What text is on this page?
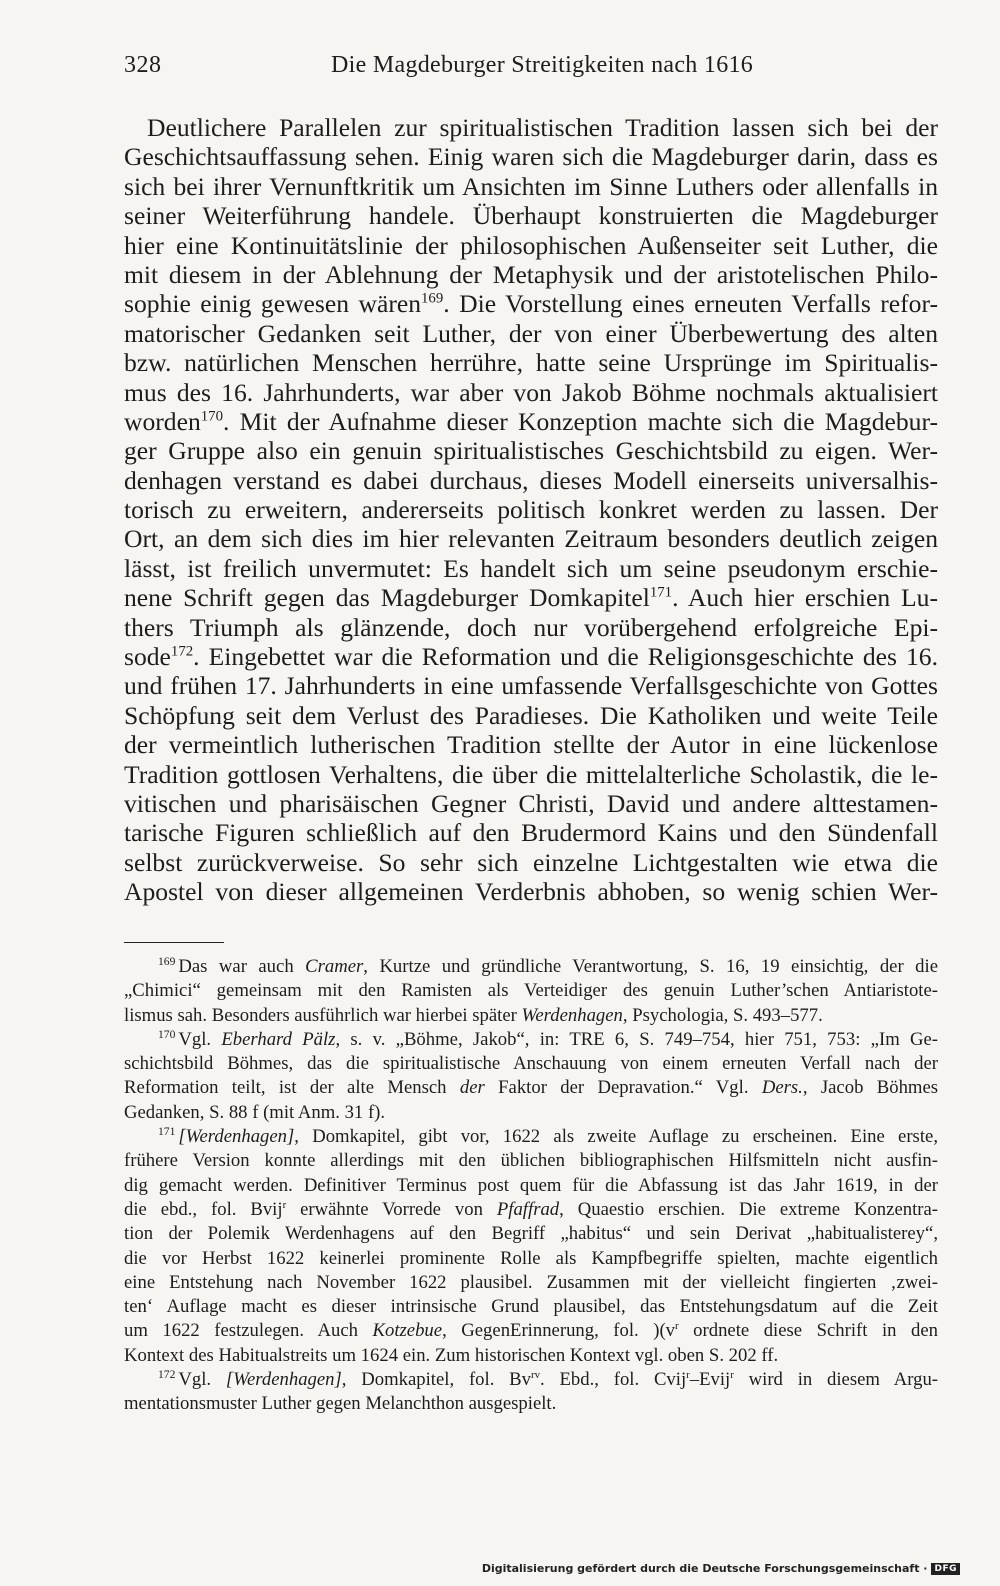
328	Die Magdeburger Streitigkeiten nach 1616
Deutlichere Parallelen zur spiritualistischen Tradition lassen sich bei der
Geschichtsauffassung sehen. Einig waren sich die Magdeburger darin, dass es
sich bei ihrer Vernunftkritik um Ansichten im Sinne Luthers oder allenfalls in
seiner Weiterführung handele. Überhaupt konstruierten die Magdeburger
hier eine Kontinuitätslinie der philosophischen Außenseiter seit Luther, die
mit diesem in der Ablehnung der Metaphysik und der aristotelischen Philo-
sophie einig gewesen wären$^{169}$. Die Vorstellung eines erneuten Verfalls refor-
matorischer Gedanken seit Luther, der von einer Überbewertung des alten
bzw. natürlichen Menschen herrühre, hatte seine Ursprünge im Spiritualis-
mus des 16. Jahrhunderts, war aber von Jakob Böhme nochmals aktualisiert
worden$^{170}$. Mit der Aufnahme dieser Konzeption machte sich die Magdebur-
ger Gruppe also ein genuin spiritualistisches Geschichtsbild zu eigen. Wer-
denhagen verstand es dabei durchaus, dieses Modell einerseits universalhis-
torisch zu erweitern, andererseits politisch konkret werden zu lassen. Der
Ort, an dem sich dies im hier relevanten Zeitraum besonders deutlich zeigen
lässt, ist freilich unvermutet: Es handelt sich um seine pseudonym erschie-
nene Schrift gegen das Magdeburger Domkapitel$^{171}$. Auch hier erschien Lu-
thers Triumph als glänzende, doch nur vorübergehend erfolgreiche Epi-
sode$^{172}$. Eingebettet war die Reformation und die Religionsgeschichte des 16.
und frühen 17. Jahrhunderts in eine umfassende Verfallsgeschichte von Gottes
Schöpfung seit dem Verlust des Paradieses. Die Katholiken und weite Teile
der vermeintlich lutherischen Tradition stellte der Autor in eine lückenlose
Tradition gottlosen Verhaltens, die über die mittelalterliche Scholastik, die le-
vitischen und pharisäischen Gegner Christi, David und andere alttestamen-
tarische Figuren schließlich auf den Brudermord Kains und den Sündenfall
selbst zurückverweise. So sehr sich einzelne Lichtgestalten wie etwa die
Apostel von dieser allgemeinen Verderbnis abhoben, so wenig schien Wer-
$^{169}$ Das war auch Cramer, Kurtze und gründliche Verantwortung, S. 16, 19 einsichtig, der die
„Chimici“ gemeinsam mit den Ramisten als Verteidiger des genuin Luther’schen Antiaristote-
lismus sah. Besonders ausführlich war hierbei später Werdenhagen, Psychologia, S. 493–577.
$^{170}$ Vgl. Eberhard Pälz, s. v. „Böhme, Jakob“, in: TRE 6, S. 749–754, hier 751, 753: „Im Ge-
schichtsbild Böhmes, das die spiritualistische Anschauung von einem erneuten Verfall nach der
Reformation teilt, ist der alte Mensch der Faktor der Depravation.“ Vgl. Ders., Jacob Böhmes
Gedanken, S. 88 f (mit Anm. 31 f).
$^{171}$ [Werdenhagen], Domkapitel, gibt vor, 1622 als zweite Auflage zu erscheinen. Eine erste,
frühere Version konnte allerdings mit den üblichen bibliographischen Hilfsmitteln nicht ausfin-
dig gemacht werden. Definitiver Terminus post quem für die Abfassung ist das Jahr 1619, in der
die ebd., fol. Bvij$^r$ erwähnte Vorrede von Pfaffrad, Quaestio erschien. Die extreme Konzentra-
tion der Polemik Werdenhagens auf den Begriff „habitus“ und sein Derivat „habitualisterey“,
die vor Herbst 1622 keinerlei prominente Rolle als Kampfbegriffe spielten, machte eigentlich
eine Entstehung nach November 1622 plausibel. Zusammen mit der vielleicht fingierten ‚zwei-
ten‘ Auflage macht es dieser intrinsische Grund plausibel, das Entstehungsdatum auf die Zeit
um 1622 festzulegen. Auch Kotzebue, GegenErinnerung, fol. )($v^r$ ordnete diese Schrift in den
Kontext des Habitualstreits um 1624 ein. Zum historischen Kontext vgl. oben S. 202 ff.
$^{172}$ Vgl. [Werdenhagen], Domkapitel, fol. $Bv^{rv}$. Ebd., fol. Cvij$^r$–Evij$^r$ wird in diesem Argu-
mentationsmuster Luther gegen Melanchthon ausgespielt.
Digitalisierung gefördert durch die Deutsche Forschungsgemeinschaft · DFG
